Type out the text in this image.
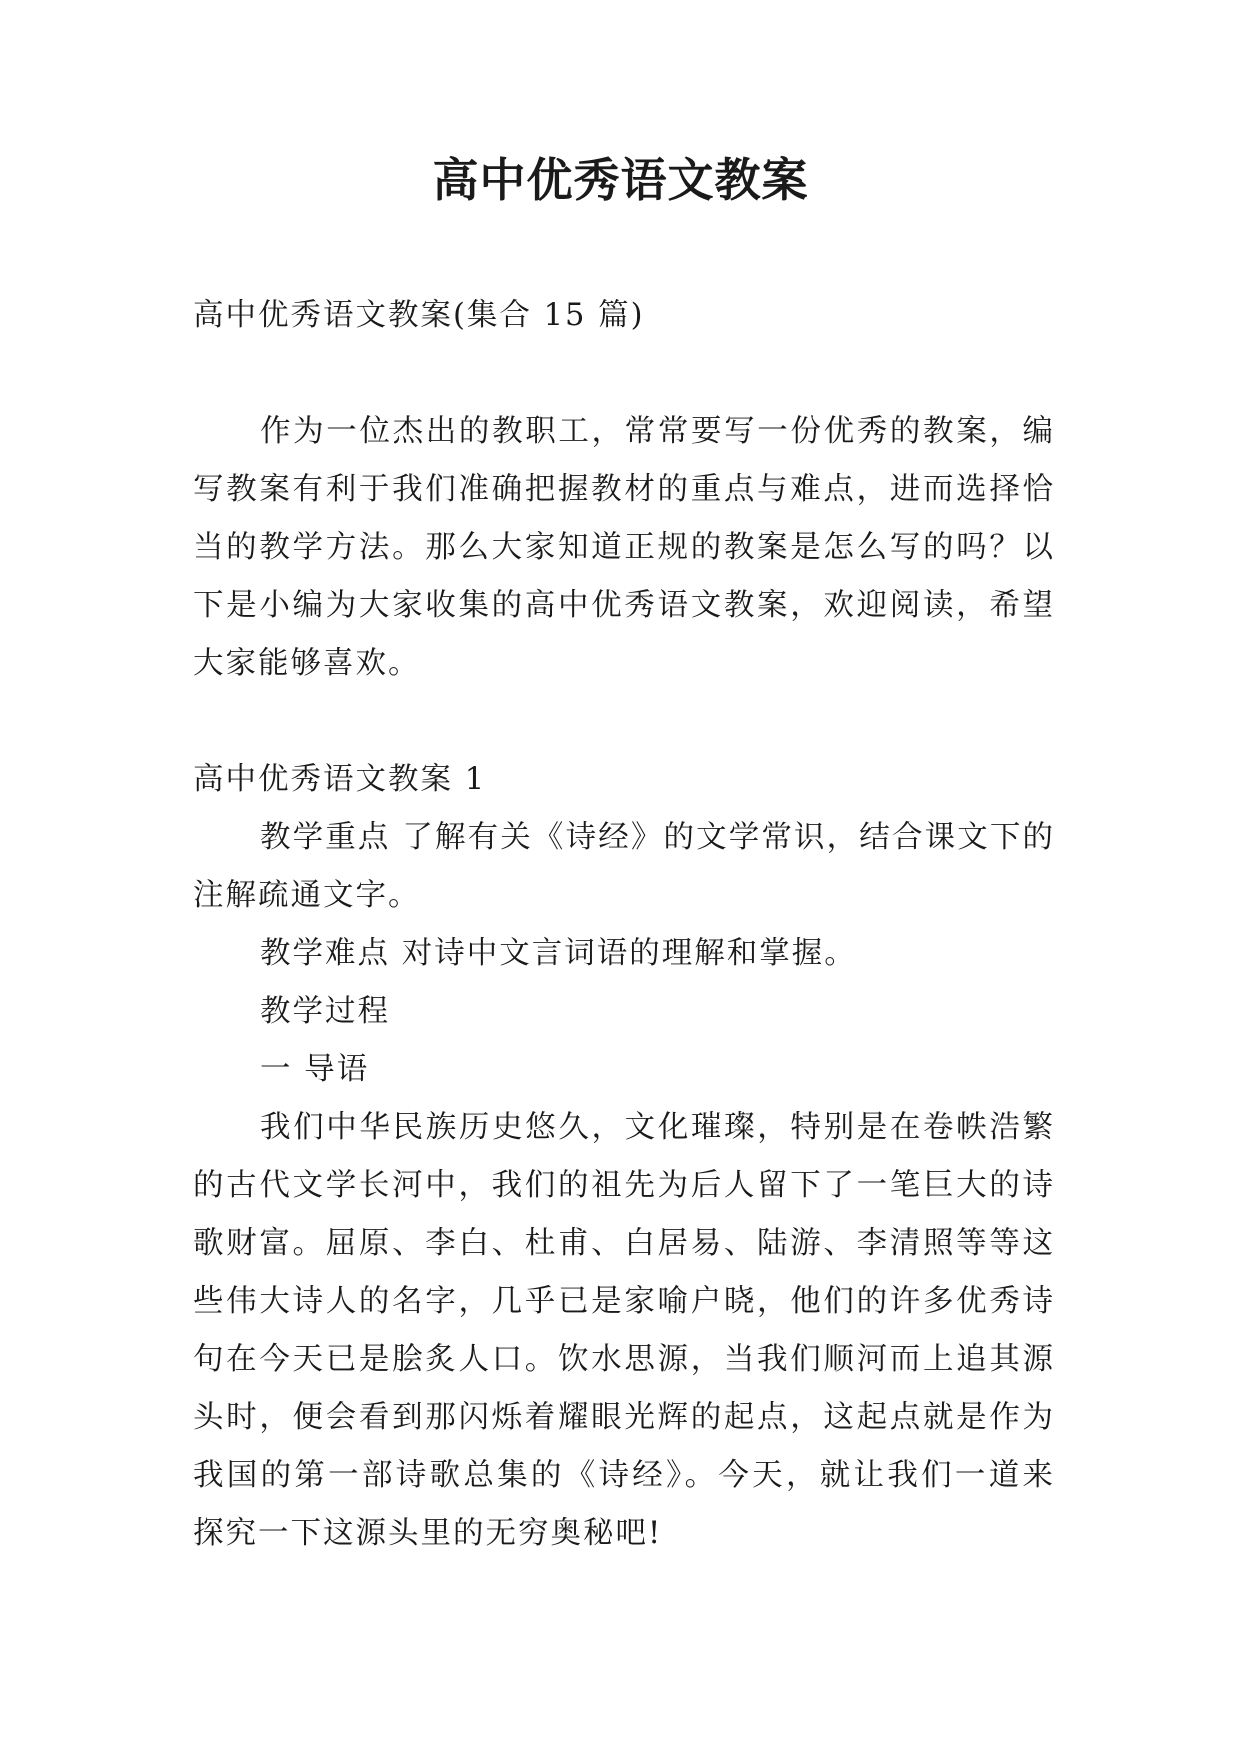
高中优秀语文教案

高中优秀语文教案(集合 15 篇)

作为一位杰出的教职工，常常要写一份优秀的教案，编写教案有利于我们准确把握教材的重点与难点，进而选择恰当的教学方法。那么大家知道正规的教案是怎么写的吗？以下是小编为大家收集的高中优秀语文教案，欢迎阅读，希望大家能够喜欢。

高中优秀语文教案 1

教学重点 了解有关《诗经》的文学常识，结合课文下的注解疏通文字。

教学难点 对诗中文言词语的理解和掌握。

教学过程

一 导语

我们中华民族历史悠久，文化璀璨，特别是在卷帙浩繁的古代文学长河中，我们的祖先为后人留下了一笔巨大的诗歌财富。屈原、李白、杜甫、白居易、陆游、李清照等等这些伟大诗人的名字，几乎已是家喻户晓，他们的许多优秀诗句在今天已是脍炙人口。饮水思源，当我们顺河而上追其源头时，便会看到那闪烁着耀眼光辉的起点，这起点就是作为我国的第一部诗歌总集的《诗经》。今天，就让我们一道来探究一下这源头里的无穷奥秘吧!
